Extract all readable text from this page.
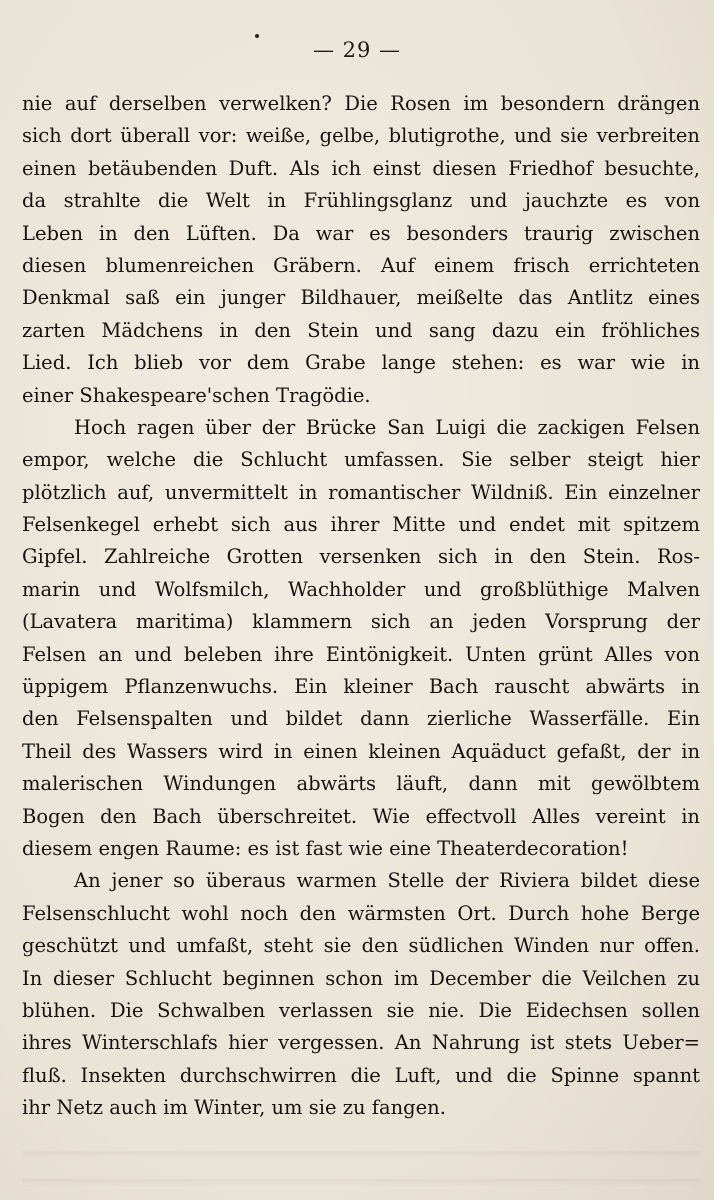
— 29 —
nie auf derselben verwelken? Die Rosen im besondern drängen
sich dort überall vor: weiße, gelbe, blutigrothe, und sie verbreiten
einen betäubenden Duft. Als ich einst diesen Friedhof besuchte,
da strahlte die Welt in Frühlingsglanz und jauchzte es von
Leben in den Lüften. Da war es besonders traurig zwischen
diesen blumenreichen Gräbern. Auf einem frisch errichteten
Denkmal saß ein junger Bildhauer, meißelte das Antlitz eines
zarten Mädchens in den Stein und sang dazu ein fröhliches
Lied. Ich blieb vor dem Grabe lange stehen: es war wie in
einer Shakespeare'schen Tragödie.
Hoch ragen über der Brücke San Luigi die zackigen Felsen
empor, welche die Schlucht umfassen. Sie selber steigt hier
plötzlich auf, unvermittelt in romantischer Wildniß. Ein einzelner
Felsenkegel erhebt sich aus ihrer Mitte und endet mit spitzem
Gipfel. Zahlreiche Grotten versenken sich in den Stein. Ros-
marin und Wolfsmilch, Wachholder und großblüthige Malven
(Lavatera maritima) klammern sich an jeden Vorsprung der
Felsen an und beleben ihre Eintönigkeit. Unten grünt Alles von
üppigem Pflanzenwuchs. Ein kleiner Bach rauscht abwärts in
den Felsenspalten und bildet dann zierliche Wasserfälle. Ein
Theil des Wassers wird in einen kleinen Aquäduct gefaßt, der in
malerischen Windungen abwärts läuft, dann mit gewölbtem
Bogen den Bach überschreitet. Wie effectvoll Alles vereint in
diesem engen Raume: es ist fast wie eine Theaterdecoration!
An jener so überaus warmen Stelle der Riviera bildet diese
Felsenschlucht wohl noch den wärmsten Ort. Durch hohe Berge
geschützt und umfaßt, steht sie den südlichen Winden nur offen.
In dieser Schlucht beginnen schon im December die Veilchen zu
blühen. Die Schwalben verlassen sie nie. Die Eidechsen sollen
ihres Winterschlafs hier vergessen. An Nahrung ist stets Ueber=
fluß. Insekten durchschwirren die Luft, und die Spinne spannt
ihr Netz auch im Winter, um sie zu fangen.
